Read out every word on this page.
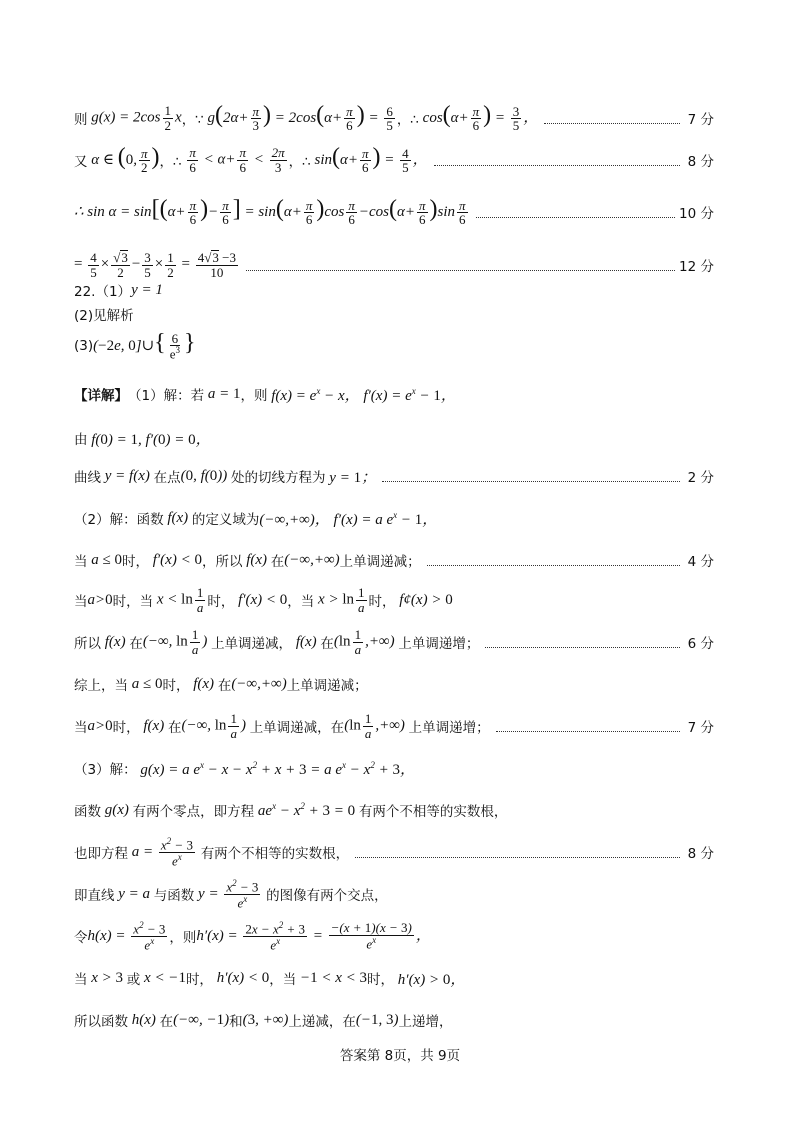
则 $g(x) = 2\cos \frac{1}{2}$ x ，∵ $g(2\alpha+ \frac{\pi}{3}$ ) = $2\cos(\alpha+ \frac{\pi}{6}$ ) = $\frac{6}{5}$ ，∴ $\cos(\alpha+ \frac{\pi}{6}$ ) = $\frac{3}{5}$ ，	7 分
又 α ∈ (0, $\frac{\pi}{2}$ ) ，∴
$\frac{\pi}{6} < \alpha+ \frac{\pi}{6} < \frac{2\pi}{3}$ ，∴ $\sin(\alpha+ \frac{\pi}{6}$ ) = $\frac{4}{5}$ ，	8 分
∴ $\sin \alpha = \sin[(\alpha+ \frac{\pi}{6}$ )− $\frac{\pi}{6}$ ] = $\sin(\alpha+ \frac{\pi}{6} )\cos \frac{\pi}{6} -\cos(\alpha+ \frac{\pi}{6} )\sin \frac{\pi}{6}$	10 分
= $\frac{4}{5} \times \frac{√3}{2} - \frac{3}{5} \times \frac{1}{2} = \frac{4√3 -3}{10}$	12 分
22.（1） y = 1
(2)见解析
(3) (−2e, 0]∪{ $\frac{6}{e^3}$ }
【详解】 （1）解：若 a = 1 ，则 $f(x) = e^x - x$， $f'(x) = e^x - 1$，
由 f(0) = 1, f′(0) = 0，
曲线 y = f(x) 在点 (0, f(0)) 处的切线方程为 y = 1；	2 分
（2）解：函数 f(x) 的定义域为 (−∞,+∞)， f′(x) = a $e^x - 1$，
当 a ≤ 0 时， f′(x) < 0 ，所以 f(x) 在 (−∞,+∞) 上单调递减；	4 分
当 a>0 时，当 $x < \ln \frac{1}{a}$ 时， f′(x) < 0 ，当 $x > \ln \frac{1}{a}$ 时， f¢(x) > 0
所以 f(x) 在 (−∞, $\ln \frac{1}{a}$ ) 上单调递减， f(x) 在 ($\ln \frac{1}{a}$ ,+∞) 上单调递增；	6 分
综上，当 a ≤ 0 时， f(x) 在 (−∞,+∞) 上单调递减；
当 a>0 时， f(x) 在 (−∞, $\ln \frac{1}{a}$ ) 上单调递减，在 ($\ln \frac{1}{a}$ ,+∞) 上单调递增；	7 分
（3）解： g(x) = a $e^x - x - x^2 + x + 3 = a$ $e^x - x^2 + 3$，
函数 g(x) 有两个零点，即方程 $ae^x - x^2 + 3 = 0$ 有两个不相等的实数根，
也即方程 $a = \frac{x^2 - 3}{e^x}$
有两个不相等的实数根，	8 分
即直线 y = a 与函数 $y = \frac{x^2 - 3}{e^x}$
的图像有两个交点，
令 $h(x) = \frac{x^2 - 3}{e^x}$ ，则 $h'(x) = \frac{2x - x^2 + 3}{e^x} = \frac{-(x + 1)(x - 3)}{e^x}$ ，
当 x > 3 或 x < −1 时， h′(x) < 0 ，当 −1 < x < 3 时， h′(x) > 0，
所以函数 h(x) 在 (−∞, −1) 和 (3, +∞) 上递减，在 (−1, 3) 上递增，
答案第 8页，共 9页
